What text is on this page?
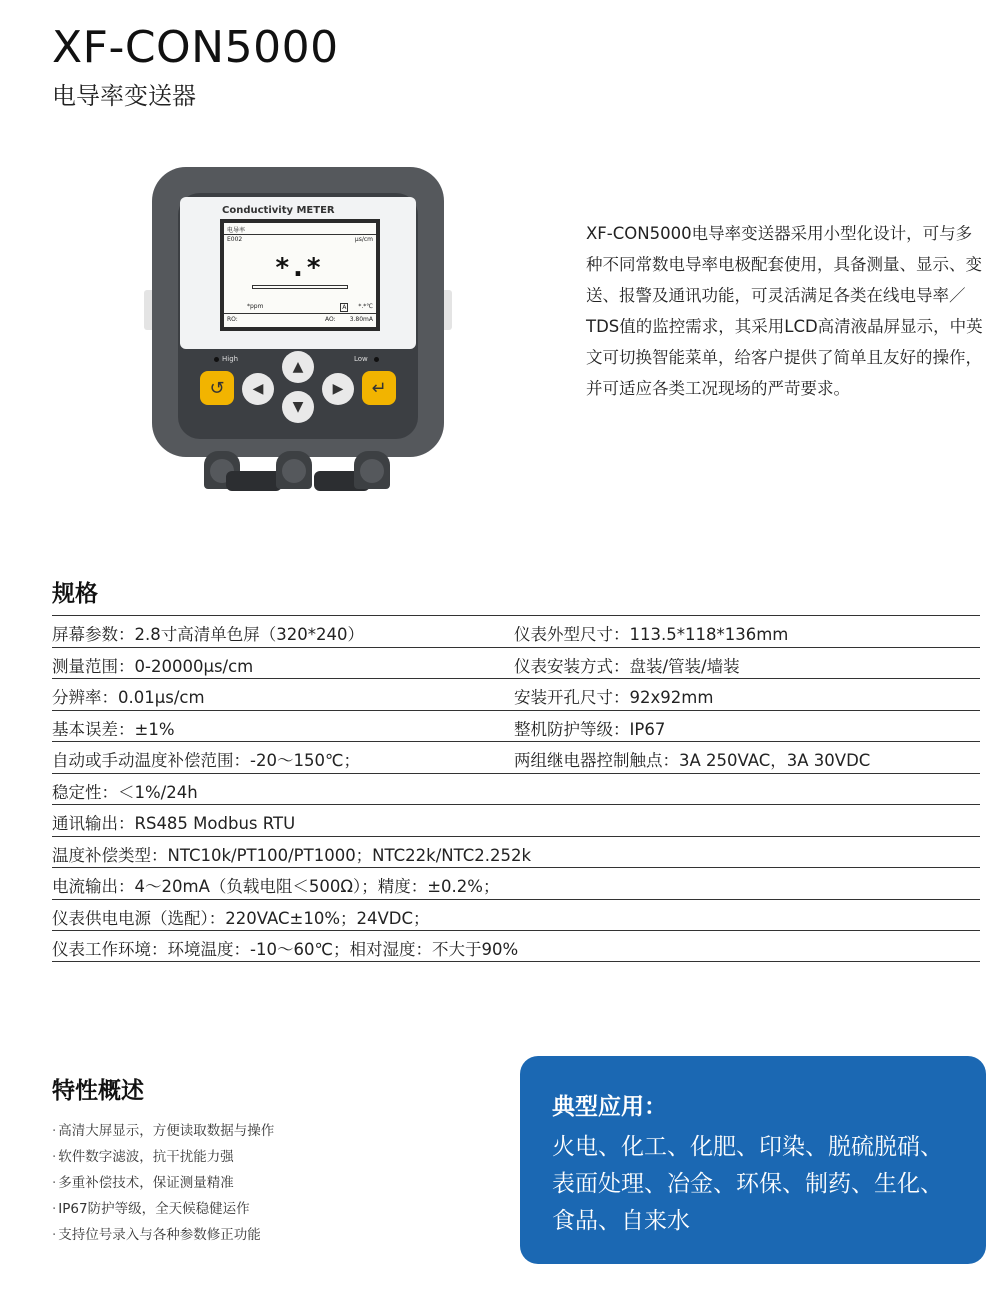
XF-CON5000
电导率变送器
Conductivity METER
电导率
E002	μs/cm
*.*
*ppm	*.*℃
A
RO:	3.80mA
AO:
High	Low
↺ ◀
▲
▼
▶ ↵
XF-CON5000电导率变送器采用小型化设计，可与多种不同常数电导率电极配套使用，具备测量、显示、变送、报警及通讯功能，可灵活满足各类在线电导率／TDS值的监控需求，其采用LCD高清液晶屏显示，中英文可切换智能菜单，给客户提供了简单且友好的操作，并可适应各类工况现场的严苛要求。
规格
屏幕参数：2.8寸高清单色屏（320*240）	仪表外型尺寸：113.5*118*136mm
测量范围：0-20000μs/cm	仪表安装方式：盘装/管装/墙装
分辨率：0.01μs/cm	安装开孔尺寸：92x92mm
基本误差：±1%	整机防护等级：IP67
自动或手动温度补偿范围：-20～150℃；	两组继电器控制触点：3A 250VAC，3A 30VDC
稳定性：＜1%/24h
通讯输出：RS485 Modbus RTU
温度补偿类型：NTC10k/PT100/PT1000；NTC22k/NTC2.252k
电流输出：4～20mA（负载电阻＜500Ω）；精度：±0.2%；
仪表供电电源（选配）：220VAC±10%；24VDC；
仪表工作环境：环境温度：-10～60℃；相对湿度：不大于90%
特性概述
· 高清大屏显示，方便读取数据与操作
· 软件数字滤波，抗干扰能力强
· 多重补偿技术，保证测量精准
· IP67防护等级，全天候稳健运作
· 支持位号录入与各种参数修正功能
典型应用：
火电、化工、化肥、印染、脱硫脱硝、
表面处理、冶金、环保、制药、生化、
食品、自来水
